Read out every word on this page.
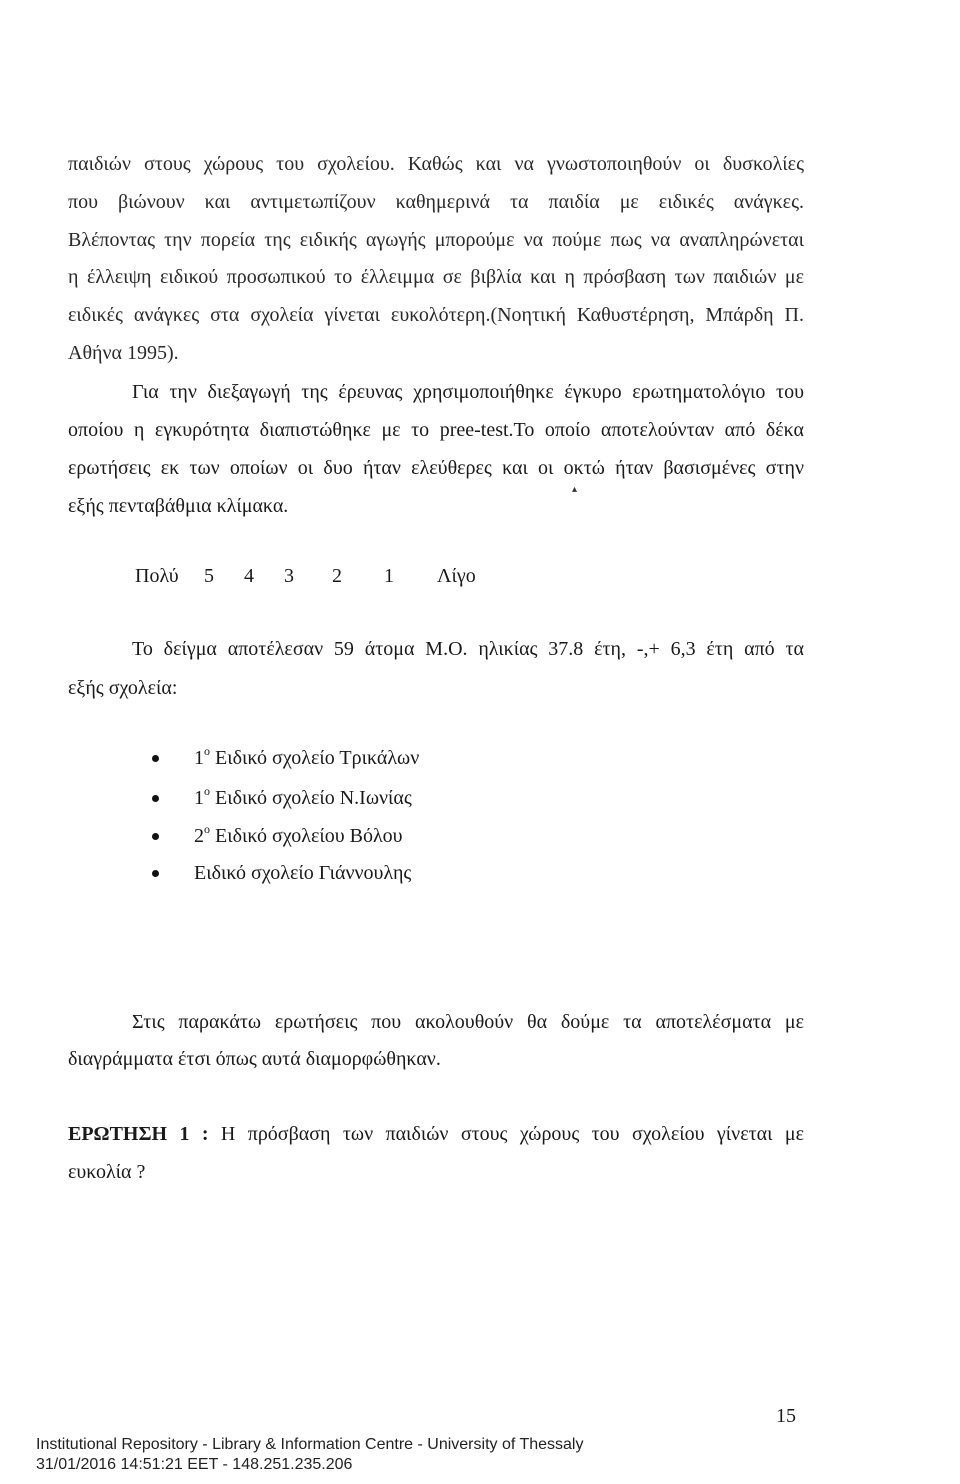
παιδιών στους χώρους του σχολείου. Καθώς και να γνωστοποιηθούν οι δυσκολίες
που βιώνουν και αντιμετωπίζουν καθημερινά τα παιδία με ειδικές ανάγκες.
Βλέποντας την πορεία της ειδικής αγωγής μπορούμε να πούμε πως να αναπληρώνεται
η έλλειψη ειδικού προσωπικού το έλλειμμα σε βιβλία και η πρόσβαση των παιδιών με
ειδικές ανάγκες στα σχολεία γίνεται ευκολότερη.(Νοητική Καθυστέρηση, Μπάρδη Π.
Αθήνα 1995).
Για την διεξαγωγή της έρευνας χρησιμοποιήθηκε έγκυρο ερωτηματολόγιο του
οποίου η εγκυρότητα διαπιστώθηκε με το pree-test.Το οποίο αποτελούνταν από δέκα
ερωτήσεις εκ των οποίων οι δυο ήταν ελεύθερες και οι οκτώ ήταν βασισμένες στην
εξής πενταβάθμια κλίμακα.
▴
Πολύ 5 4 3 2 1 Λίγο
Το δείγμα αποτέλεσαν 59 άτομα Μ.Ο. ηλικίας 37.8 έτη, -,+ 6,3 έτη από τα
εξής σχολεία:
$1^o$ Ειδικό σχολείο Τρικάλων
$1^o$ Ειδικό σχολείο Ν.Ιωνίας
$2^o$ Ειδικό σχολείου Βόλου
Ειδικό σχολείο Γιάννουλης
Στις παρακάτω ερωτήσεις που ακολουθούν θα δούμε τα αποτελέσματα με
διαγράμματα έτσι όπως αυτά διαμορφώθηκαν.
ΕΡΩΤΗΣΗ 1 : Η πρόσβαση των παιδιών στους χώρους του σχολείου γίνεται με
ευκολία ?
15
Institutional Repository - Library & Information Centre - University of Thessaly
31/01/2016 14:51:21 EET - 148.251.235.206
